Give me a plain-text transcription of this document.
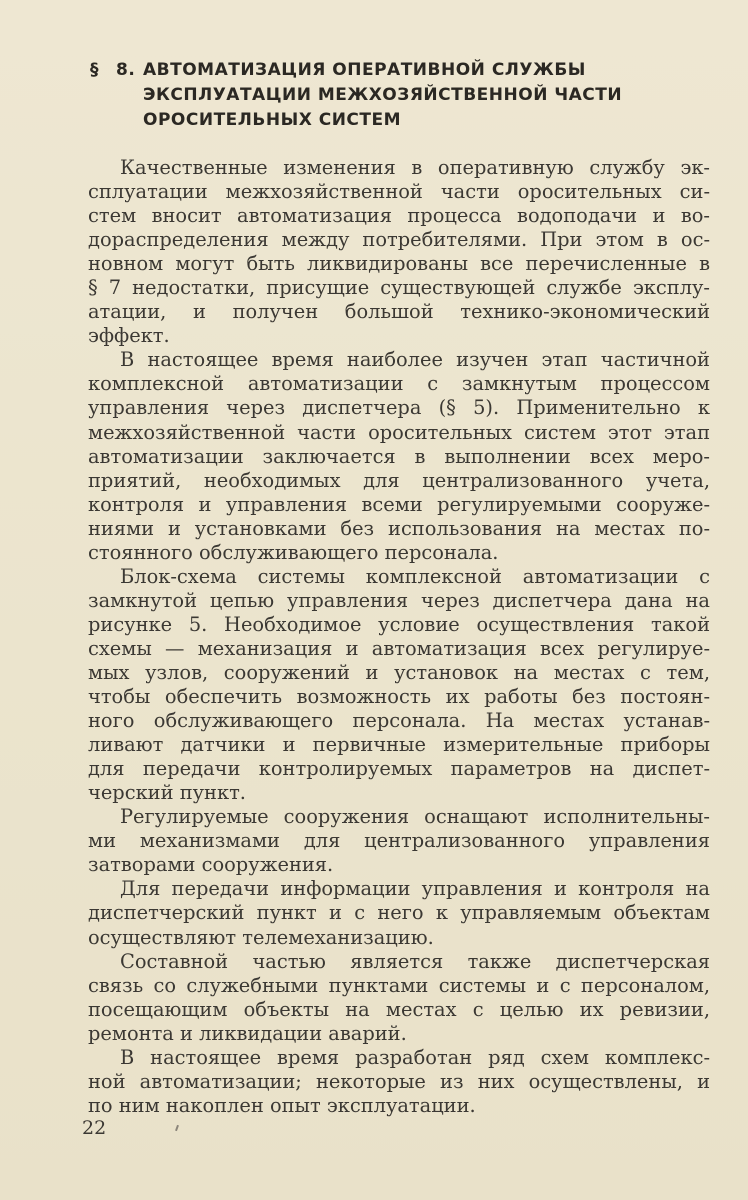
§ 8. АВТОМАТИЗАЦИЯ ОПЕРАТИВНОЙ СЛУЖБЫ
ЭКСПЛУАТАЦИИ МЕЖХОЗЯЙСТВЕННОЙ ЧАСТИ
ОРОСИТЕЛЬНЫХ СИСТЕМ

Качественные изменения в оперативную службу эк-
сплуатации межхозяйственной части оросительных си-
стем вносит автоматизация процесса водоподачи и во-
дораспределения между потребителями. При этом в ос-
новном могут быть ликвидированы все перечисленные в
§ 7 недостатки, присущие существующей службе эксплу-
атации, и получен большой технико-экономический
эффект.

В настоящее время наиболее изучен этап частичной
комплексной автоматизации с замкнутым процессом
управления через диспетчера (§ 5). Применительно к
межхозяйственной части оросительных систем этот этап
автоматизации заключается в выполнении всех меро-
приятий, необходимых для централизованного учета,
контроля и управления всеми регулируемыми сооруже-
ниями и установками без использования на местах по-
стоянного обслуживающего персонала.

Блок-схема системы комплексной автоматизации с
замкнутой цепью управления через диспетчера дана на
рисунке 5. Необходимое условие осуществления такой
схемы — механизация и автоматизация всех регулируе-
мых узлов, сооружений и установок на местах с тем,
чтобы обеспечить возможность их работы без постоян-
ного обслуживающего персонала. На местах устанав-
ливают датчики и первичные измерительные приборы
для передачи контролируемых параметров на диспет-
черский пункт.

Регулируемые сооружения оснащают исполнительны-
ми механизмами для централизованного управления
затворами сооружения.

Для передачи информации управления и контроля на
диспетчерский пункт и с него к управляемым объектам
осуществляют телемеханизацию.

Составной частью является также диспетчерская
связь со служебными пунктами системы и с персоналом,
посещающим объекты на местах с целью их ревизии,
ремонта и ликвидации аварий.

В настоящее время разработан ряд схем комплекс-
ной автоматизации; некоторые из них осуществлены, и
по ним накоплен опыт эксплуатации.

22
